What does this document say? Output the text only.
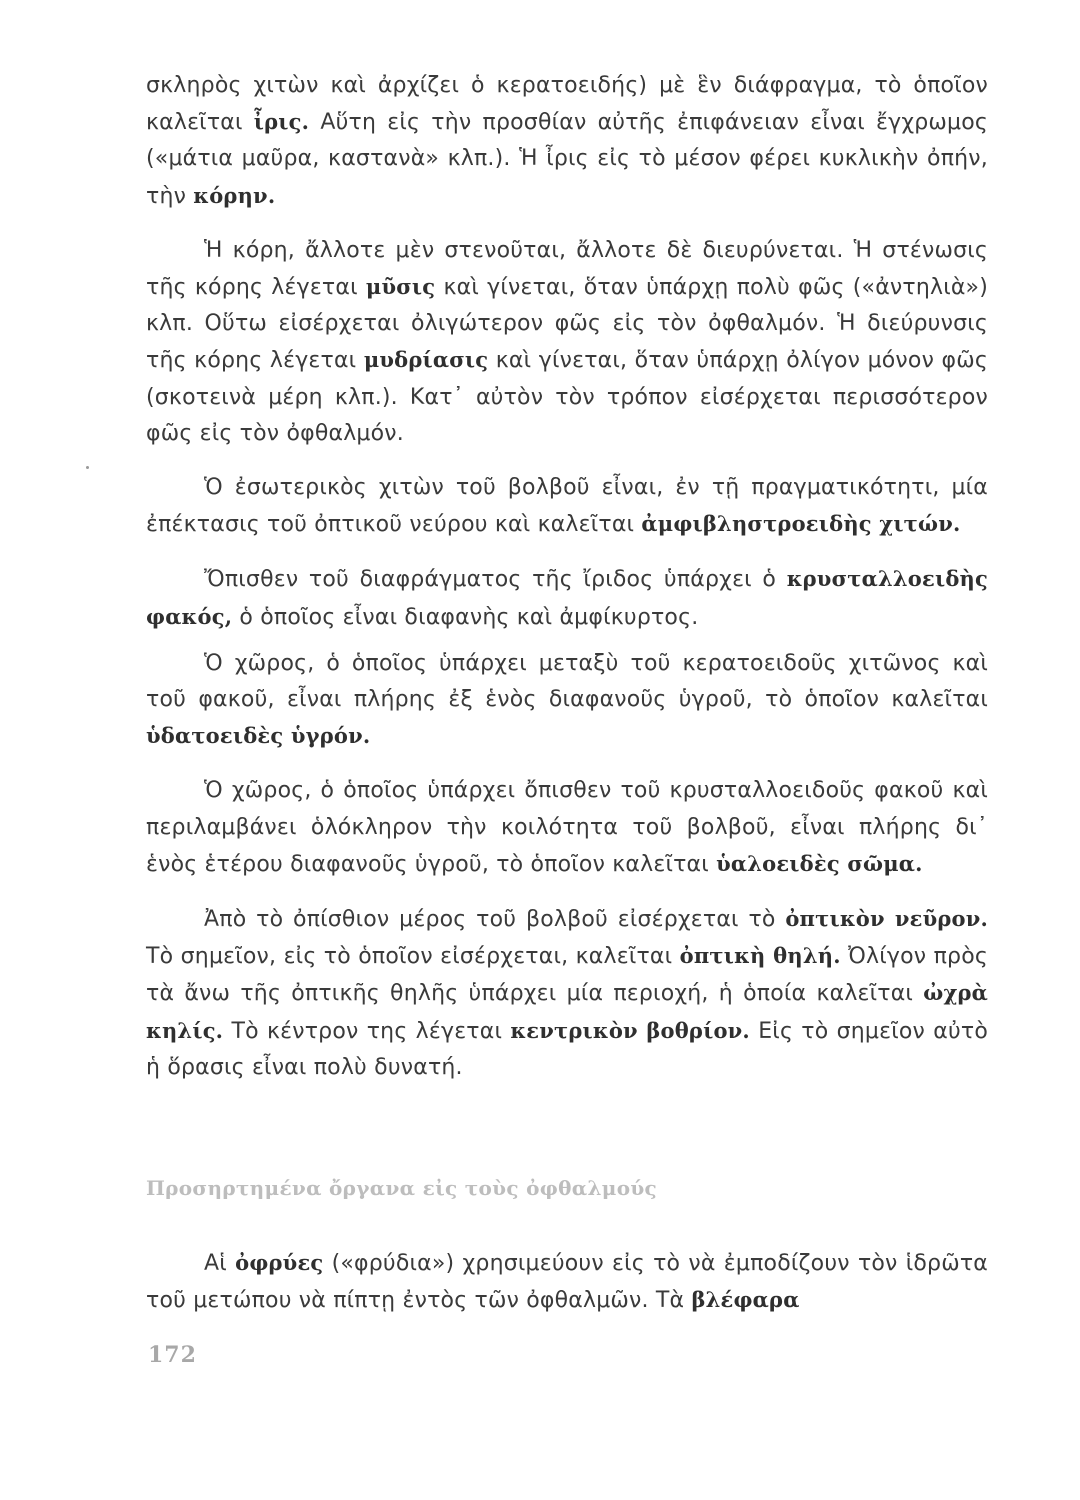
σκληρὸς χιτὼν καὶ ἀρχίζει ὁ κερατοειδής) μὲ ἓν διάφραγμα, τὸ ὁποῖον καλεῖται ἶρις. Αὕτη εἰς τὴν προσθίαν αὐτῆς ἐπιφάνειαν εἶναι ἔγχρωμος («μάτια μαῦρα, καστανὰ» κλπ.). Ἡ ἶρις εἰς τὸ μέσον φέρει κυκλικὴν ὀπήν, τὴν κόρην.

Ἡ κόρη, ἄλλοτε μὲν στενοῦται, ἄλλοτε δὲ διευρύνεται. Ἡ στένωσις τῆς κόρης λέγεται μῦσις καὶ γίνεται, ὅταν ὑπάρχῃ πολὺ φῶς («ἀντηλιὰ») κλπ. Οὕτω εἰσέρχεται ὀλιγώτερον φῶς εἰς τὸν ὀφθαλμόν. Ἡ διεύρυνσις τῆς κόρης λέγεται μυδρίασις καὶ γίνεται, ὅταν ὑπάρχῃ ὀλίγον μόνον φῶς (σκοτεινὰ μέρη κλπ.). Κατ᾽ αὐτὸν τὸν τρόπον εἰσέρχεται περισσότερον φῶς εἰς τὸν ὀφθαλμόν.

Ὁ ἐσωτερικὸς χιτὼν τοῦ βολβοῦ εἶναι, ἐν τῇ πραγματικότητι, μία ἐπέκτασις τοῦ ὀπτικοῦ νεύρου καὶ καλεῖται ἀμφιβληστροειδὴς χιτών.

Ὄπισθεν τοῦ διαφράγματος τῆς ἴριδος ὑπάρχει ὁ κρυσταλλοειδὴς φακός, ὁ ὁποῖος εἶναι διαφανὴς καὶ ἀμφίκυρτος.

Ὁ χῶρος, ὁ ὁποῖος ὑπάρχει μεταξὺ τοῦ κερατοειδοῦς χιτῶνος καὶ τοῦ φακοῦ, εἶναι πλήρης ἐξ ἑνὸς διαφανοῦς ὑγροῦ, τὸ ὁποῖον καλεῖται ὑδατοειδὲς ὑγρόν.

Ὁ χῶρος, ὁ ὁποῖος ὑπάρχει ὄπισθεν τοῦ κρυσταλλοειδοῦς φακοῦ καὶ περιλαμβάνει ὁλόκληρον τὴν κοιλότητα τοῦ βολβοῦ, εἶναι πλήρης δι᾽ ἑνὸς ἑτέρου διαφανοῦς ὑγροῦ, τὸ ὁποῖον καλεῖται ὑαλοειδὲς σῶμα.

Ἀπὸ τὸ ὀπίσθιον μέρος τοῦ βολβοῦ εἰσέρχεται τὸ ὀπτικὸν νεῦρον. Τὸ σημεῖον, εἰς τὸ ὁποῖον εἰσέρχεται, καλεῖται ὀπτικὴ θηλή. Ὀλίγον πρὸς τὰ ἄνω τῆς ὀπτικῆς θηλῆς ὑπάρχει μία περιοχή, ἡ ὁποία καλεῖται ὠχρὰ κηλίς. Τὸ κέντρον της λέγεται κεντρικὸν βοθρίον. Εἰς τὸ σημεῖον αὐτὸ ἡ ὅρασις εἶναι πολὺ δυνατή.

Προσηρτημένα ὄργανα εἰς τοὺς ὀφθαλμούς

Αἱ ὀφρύες («φρύδια») χρησιμεύουν εἰς τὸ νὰ ἐμποδίζουν τὸν ἱδρῶτα τοῦ μετώπου νὰ πίπτῃ ἐντὸς τῶν ὀφθαλμῶν. Τὰ βλέφαρα

172
